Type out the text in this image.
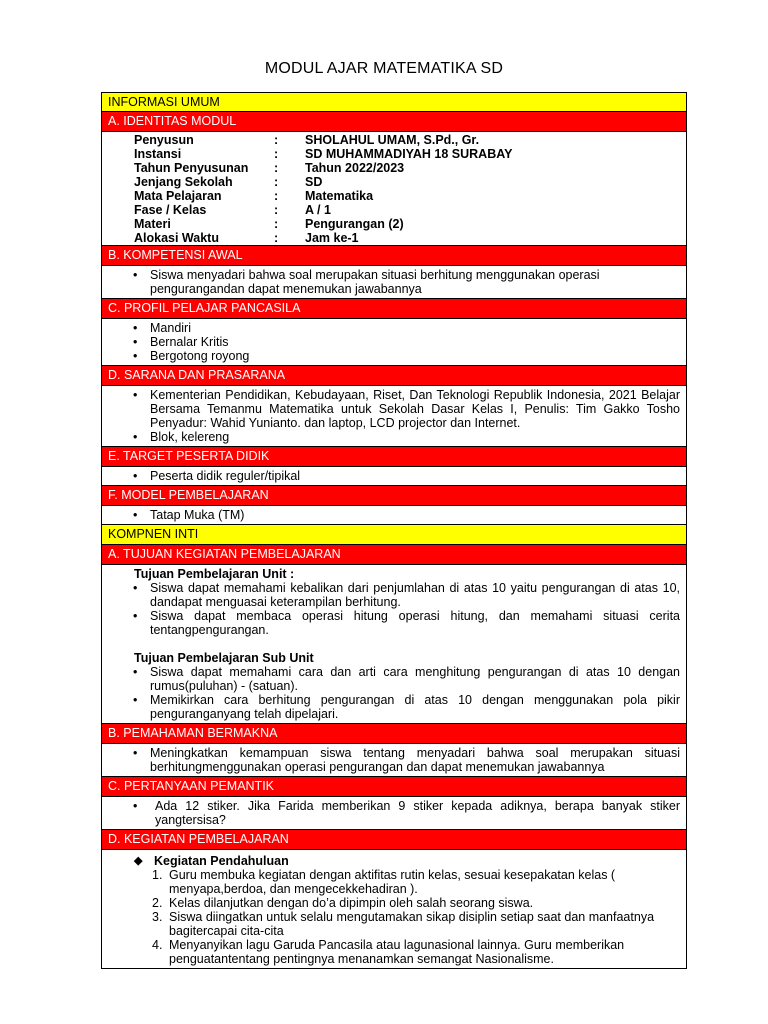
MODUL AJAR MATEMATIKA SD
INFORMASI UMUM
A. IDENTITAS MODUL
Penyusun	:	SHOLAHUL UMAM, S.Pd., Gr.
Instansi	:	SD MUHAMMADIYAH 18 SURABAY
Tahun Penyusunan	:	Tahun 2022/2023
Jenjang Sekolah	:	SD
Mata Pelajaran	:	Matematika
Fase / Kelas	:	A / 1
Materi	:	Pengurangan (2)
Alokasi Waktu	:	Jam ke-1
B. KOMPETENSI AWAL
• Siswa menyadari bahwa soal merupakan situasi berhitung menggunakan operasi pengurangandan dapat menemukan jawabannya
C. PROFIL PELAJAR PANCASILA
• Mandiri
• Bernalar Kritis
• Bergotong royong
D. SARANA DAN PRASARANA
• Kementerian Pendidikan, Kebudayaan, Riset, Dan Teknologi Republik Indonesia, 2021 Belajar Bersama Temanmu Matematika untuk Sekolah Dasar Kelas I, Penulis: Tim Gakko Tosho Penyadur: Wahid Yunianto. dan laptop, LCD projector dan Internet.
• Blok, kelereng
E. TARGET PESERTA DIDIK
• Peserta didik reguler/tipikal
F. MODEL PEMBELAJARAN
• Tatap Muka (TM)
KOMPNEN INTI
A. TUJUAN KEGIATAN PEMBELAJARAN
Tujuan Pembelajaran Unit :
• Siswa dapat memahami kebalikan dari penjumlahan di atas 10 yaitu pengurangan di atas 10, dandapat menguasai keterampilan berhitung.
• Siswa dapat membaca operasi hitung operasi hitung, dan memahami situasi cerita tentangpengurangan.
Tujuan Pembelajaran Sub Unit
• Siswa dapat memahami cara dan arti cara menghitung pengurangan di atas 10 dengan rumus(puluhan) - (satuan).
• Memikirkan cara berhitung pengurangan di atas 10 dengan menggunakan pola pikir penguranganyang telah dipelajari.
B. PEMAHAMAN BERMAKNA
• Meningkatkan kemampuan siswa tentang menyadari bahwa soal merupakan situasi berhitungmenggunakan operasi pengurangan dan dapat menemukan jawabannya
C. PERTANYAAN PEMANTIK
• Ada 12 stiker. Jika Farida memberikan 9 stiker kepada adiknya, berapa banyak stiker yangtersisa?
D. KEGIATAN PEMBELAJARAN
◆ Kegiatan Pendahuluan
1. Guru membuka kegiatan dengan aktifitas rutin kelas, sesuai kesepakatan kelas ( menyapa,berdoa, dan mengecekkehadiran ).
2. Kelas dilanjutkan dengan do’a dipimpin oleh salah seorang siswa.
3. Siswa diingatkan untuk selalu mengutamakan sikap disiplin setiap saat dan manfaatnya bagitercapai cita-cita
4. Menyanyikan lagu Garuda Pancasila atau lagunasional lainnya. Guru memberikan penguatantentang pentingnya menanamkan semangat Nasionalisme.
